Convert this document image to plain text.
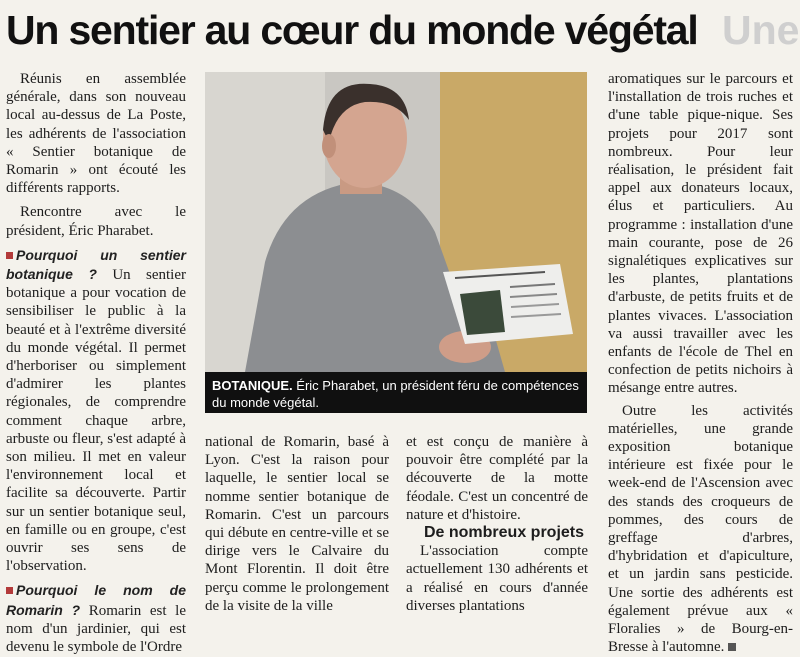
Un sentier au cœur du monde végétal Une

Réunis en assemblée générale, dans son nouveau local au-dessus de La Poste, les adhérents de l'association « Sentier botanique de Romarin » ont écouté les différents rapports.

Rencontre avec le président, Éric Pharabet.

Pourquoi un sentier botanique ? Un sentier botanique a pour vocation de sensibiliser le public à la beauté et à l'extrême diversité du monde végétal. Il permet d'herboriser ou simplement d'admirer les plantes régionales, de comprendre comment chaque arbre, arbuste ou fleur, s'est adapté à son milieu. Il met en valeur l'environnement local et facilite sa découverte. Partir sur un sentier botanique seul, en famille ou en groupe, c'est ouvrir ses sens de l'observation.

Pourquoi le nom de Romarin ? Romarin est le nom d'un jardinier, qui est devenu le symbole de l'Ordre

BOTANIQUE. Éric Pharabet, un président féru de compétences du monde végétal.

national de Romarin, basé à Lyon. C'est la raison pour laquelle, le sentier local se nomme sentier botanique de Romarin. C'est un parcours qui débute en centre-ville et se dirige vers le Calvaire du Mont Florentin. Il doit être perçu comme le prolongement de la visite de la ville

et est conçu de manière à pouvoir être complété par la découverte de la motte féodale. C'est un concentré de nature et d'histoire.

De nombreux projets

L'association compte actuellement 130 adhérents et a réalisé en cours d'année diverses plantations

aromatiques sur le parcours et l'installation de trois ruches et d'une table pique-nique. Ses projets pour 2017 sont nombreux. Pour leur réalisation, le président fait appel aux donateurs locaux, élus et particuliers. Au programme : installation d'une main courante, pose de 26 signalétiques explicatives sur les plantes, plantations d'arbuste, de petits fruits et de plantes vivaces. L'association va aussi travailler avec les enfants de l'école de Thel en confection de petits nichoirs à mésange entre autres.

Outre les activités matérielles, une grande exposition botanique intérieure est fixée pour le week-end de l'Ascension avec des stands des croqueurs de pommes, des cours de greffage d'arbres, d'hybridation et d'apiculture, et un jardin sans pesticide. Une sortie des adhérents est également prévue aux « Floralies » de Bourg-en-Bresse à l'automne.
